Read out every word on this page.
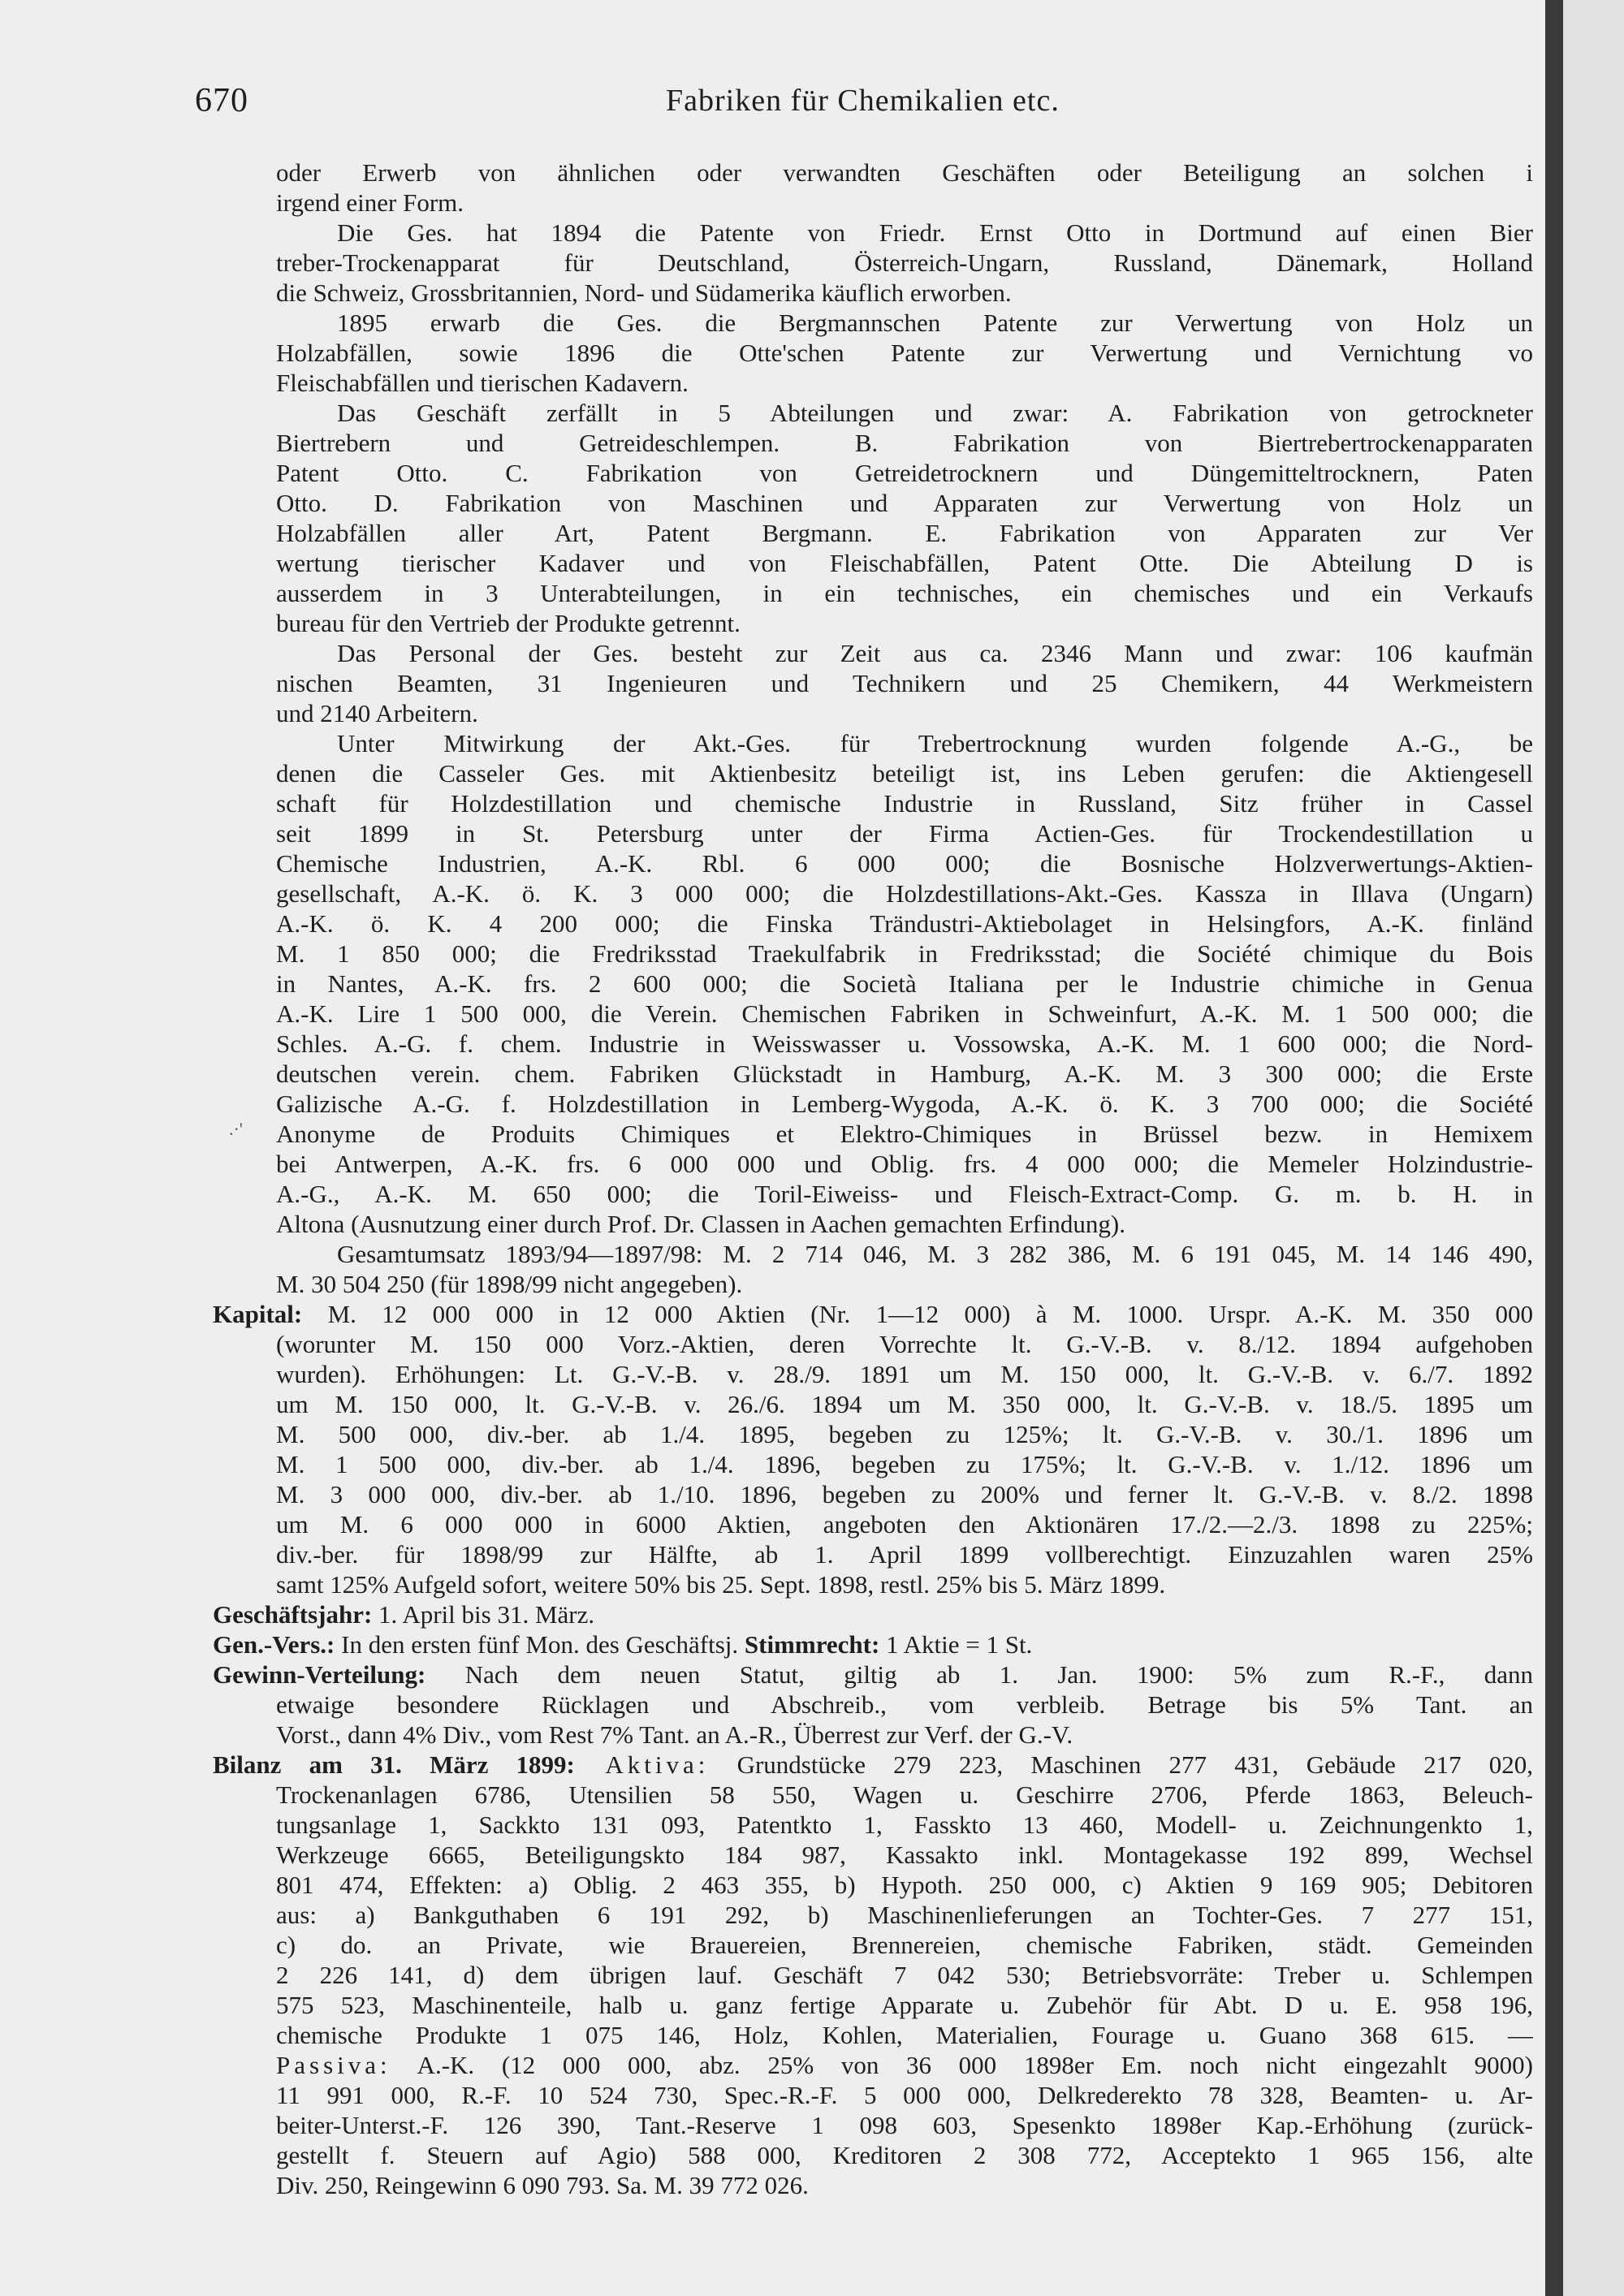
670	Fabriken für Chemikalien etc.
.·'
oder Erwerb von ähnlichen oder verwandten Geschäften oder Beteiligung an solchen i
irgend einer Form.
Die Ges. hat 1894 die Patente von Friedr. Ernst Otto in Dortmund auf einen Bier
treber-Trockenapparat für Deutschland, Österreich-Ungarn, Russland, Dänemark, Holland
die Schweiz, Grossbritannien, Nord- und Südamerika käuflich erworben.
1895 erwarb die Ges. die Bergmannschen Patente zur Verwertung von Holz un
Holzabfällen, sowie 1896 die Otte'schen Patente zur Verwertung und Vernichtung vo
Fleischabfällen und tierischen Kadavern.
Das Geschäft zerfällt in 5 Abteilungen und zwar: A. Fabrikation von getrockneter
Biertrebern und Getreideschlempen. B. Fabrikation von Biertrebertrockenapparaten
Patent Otto. C. Fabrikation von Getreidetrocknern und Düngemitteltrocknern, Paten
Otto. D. Fabrikation von Maschinen und Apparaten zur Verwertung von Holz un
Holzabfällen aller Art, Patent Bergmann. E. Fabrikation von Apparaten zur Ver
wertung tierischer Kadaver und von Fleischabfällen, Patent Otte. Die Abteilung D is
ausserdem in 3 Unterabteilungen, in ein technisches, ein chemisches und ein Verkaufs
bureau für den Vertrieb der Produkte getrennt.
Das Personal der Ges. besteht zur Zeit aus ca. 2346 Mann und zwar: 106 kaufmän
nischen Beamten, 31 Ingenieuren und Technikern und 25 Chemikern, 44 Werkmeistern
und 2140 Arbeitern.
Unter Mitwirkung der Akt.-Ges. für Trebertrocknung wurden folgende A.-G., be
denen die Casseler Ges. mit Aktienbesitz beteiligt ist, ins Leben gerufen: die Aktiengesell
schaft für Holzdestillation und chemische Industrie in Russland, Sitz früher in Cassel
seit 1899 in St. Petersburg unter der Firma Actien-Ges. für Trockendestillation u
Chemische Industrien, A.-K. Rbl. 6 000 000; die Bosnische Holzverwertungs-Aktien-
gesellschaft, A.-K. ö. K. 3 000 000; die Holzdestillations-Akt.-Ges. Kassza in Illava (Ungarn)
A.-K. ö. K. 4 200 000; die Finska Trändustri-Aktiebolaget in Helsingfors, A.-K. finländ
M. 1 850 000; die Fredriksstad Traekulfabrik in Fredriksstad; die Société chimique du Bois
in Nantes, A.-K. frs. 2 600 000; die Società Italiana per le Industrie chimiche in Genua
A.-K. Lire 1 500 000, die Verein. Chemischen Fabriken in Schweinfurt, A.-K. M. 1 500 000; die
Schles. A.-G. f. chem. Industrie in Weisswasser u. Vossowska, A.-K. M. 1 600 000; die Nord-
deutschen verein. chem. Fabriken Glückstadt in Hamburg, A.-K. M. 3 300 000; die Erste
Galizische A.-G. f. Holzdestillation in Lemberg-Wygoda, A.-K. ö. K. 3 700 000; die Société
Anonyme de Produits Chimiques et Elektro-Chimiques in Brüssel bezw. in Hemixem
bei Antwerpen, A.-K. frs. 6 000 000 und Oblig. frs. 4 000 000; die Memeler Holzindustrie-
A.-G., A.-K. M. 650 000; die Toril-Eiweiss- und Fleisch-Extract-Comp. G. m. b. H. in
Altona (Ausnutzung einer durch Prof. Dr. Classen in Aachen gemachten Erfindung).
Gesamtumsatz 1893/94—1897/98: M. 2 714 046, M. 3 282 386, M. 6 191 045, M. 14 146 490,
M. 30 504 250 (für 1898/99 nicht angegeben).
Kapital: M. 12 000 000 in 12 000 Aktien (Nr. 1—12 000) à M. 1000. Urspr. A.-K. M. 350 000
(worunter M. 150 000 Vorz.-Aktien, deren Vorrechte lt. G.-V.-B. v. 8./12. 1894 aufgehoben
wurden). Erhöhungen: Lt. G.-V.-B. v. 28./9. 1891 um M. 150 000, lt. G.-V.-B. v. 6./7. 1892
um M. 150 000, lt. G.-V.-B. v. 26./6. 1894 um M. 350 000, lt. G.-V.-B. v. 18./5. 1895 um
M. 500 000, div.-ber. ab 1./4. 1895, begeben zu 125%; lt. G.-V.-B. v. 30./1. 1896 um
M. 1 500 000, div.-ber. ab 1./4. 1896, begeben zu 175%; lt. G.-V.-B. v. 1./12. 1896 um
M. 3 000 000, div.-ber. ab 1./10. 1896, begeben zu 200% und ferner lt. G.-V.-B. v. 8./2. 1898
um M. 6 000 000 in 6000 Aktien, angeboten den Aktionären 17./2.—2./3. 1898 zu 225%;
div.-ber. für 1898/99 zur Hälfte, ab 1. April 1899 vollberechtigt. Einzuzahlen waren 25%
samt 125% Aufgeld sofort, weitere 50% bis 25. Sept. 1898, restl. 25% bis 5. März 1899.
Geschäftsjahr: 1. April bis 31. März.
Gen.-Vers.: In den ersten fünf Mon. des Geschäftsj. Stimmrecht: 1 Aktie = 1 St.
Gewinn-Verteilung: Nach dem neuen Statut, giltig ab 1. Jan. 1900: 5% zum R.-F., dann
etwaige besondere Rücklagen und Abschreib., vom verbleib. Betrage bis 5% Tant. an
Vorst., dann 4% Div., vom Rest 7% Tant. an A.-R., Überrest zur Verf. der G.-V.
Bilanz am 31. März 1899: Aktiva: Grundstücke 279 223, Maschinen 277 431, Gebäude 217 020,
Trockenanlagen 6786, Utensilien 58 550, Wagen u. Geschirre 2706, Pferde 1863, Beleuch-
tungsanlage 1, Sackkto 131 093, Patentkto 1, Fasskto 13 460, Modell- u. Zeichnungenkto 1,
Werkzeuge 6665, Beteiligungskto 184 987, Kassakto inkl. Montagekasse 192 899, Wechsel
801 474, Effekten: a) Oblig. 2 463 355, b) Hypoth. 250 000, c) Aktien 9 169 905; Debitoren
aus: a) Bankguthaben 6 191 292, b) Maschinenlieferungen an Tochter-Ges. 7 277 151,
c) do. an Private, wie Brauereien, Brennereien, chemische Fabriken, städt. Gemeinden
2 226 141, d) dem übrigen lauf. Geschäft 7 042 530; Betriebsvorräte: Treber u. Schlempen
575 523, Maschinenteile, halb u. ganz fertige Apparate u. Zubehör für Abt. D u. E. 958 196,
chemische Produkte 1 075 146, Holz, Kohlen, Materialien, Fourage u. Guano 368 615. —
Passiva: A.-K. (12 000 000, abz. 25% von 36 000 1898er Em. noch nicht eingezahlt 9000)
11 991 000, R.-F. 10 524 730, Spec.-R.-F. 5 000 000, Delkrederekto 78 328, Beamten- u. Ar-
beiter-Unterst.-F. 126 390, Tant.-Reserve 1 098 603, Spesenkto 1898er Kap.-Erhöhung (zurück-
gestellt f. Steuern auf Agio) 588 000, Kreditoren 2 308 772, Acceptekto 1 965 156, alte
Div. 250, Reingewinn 6 090 793. Sa. M. 39 772 026.
